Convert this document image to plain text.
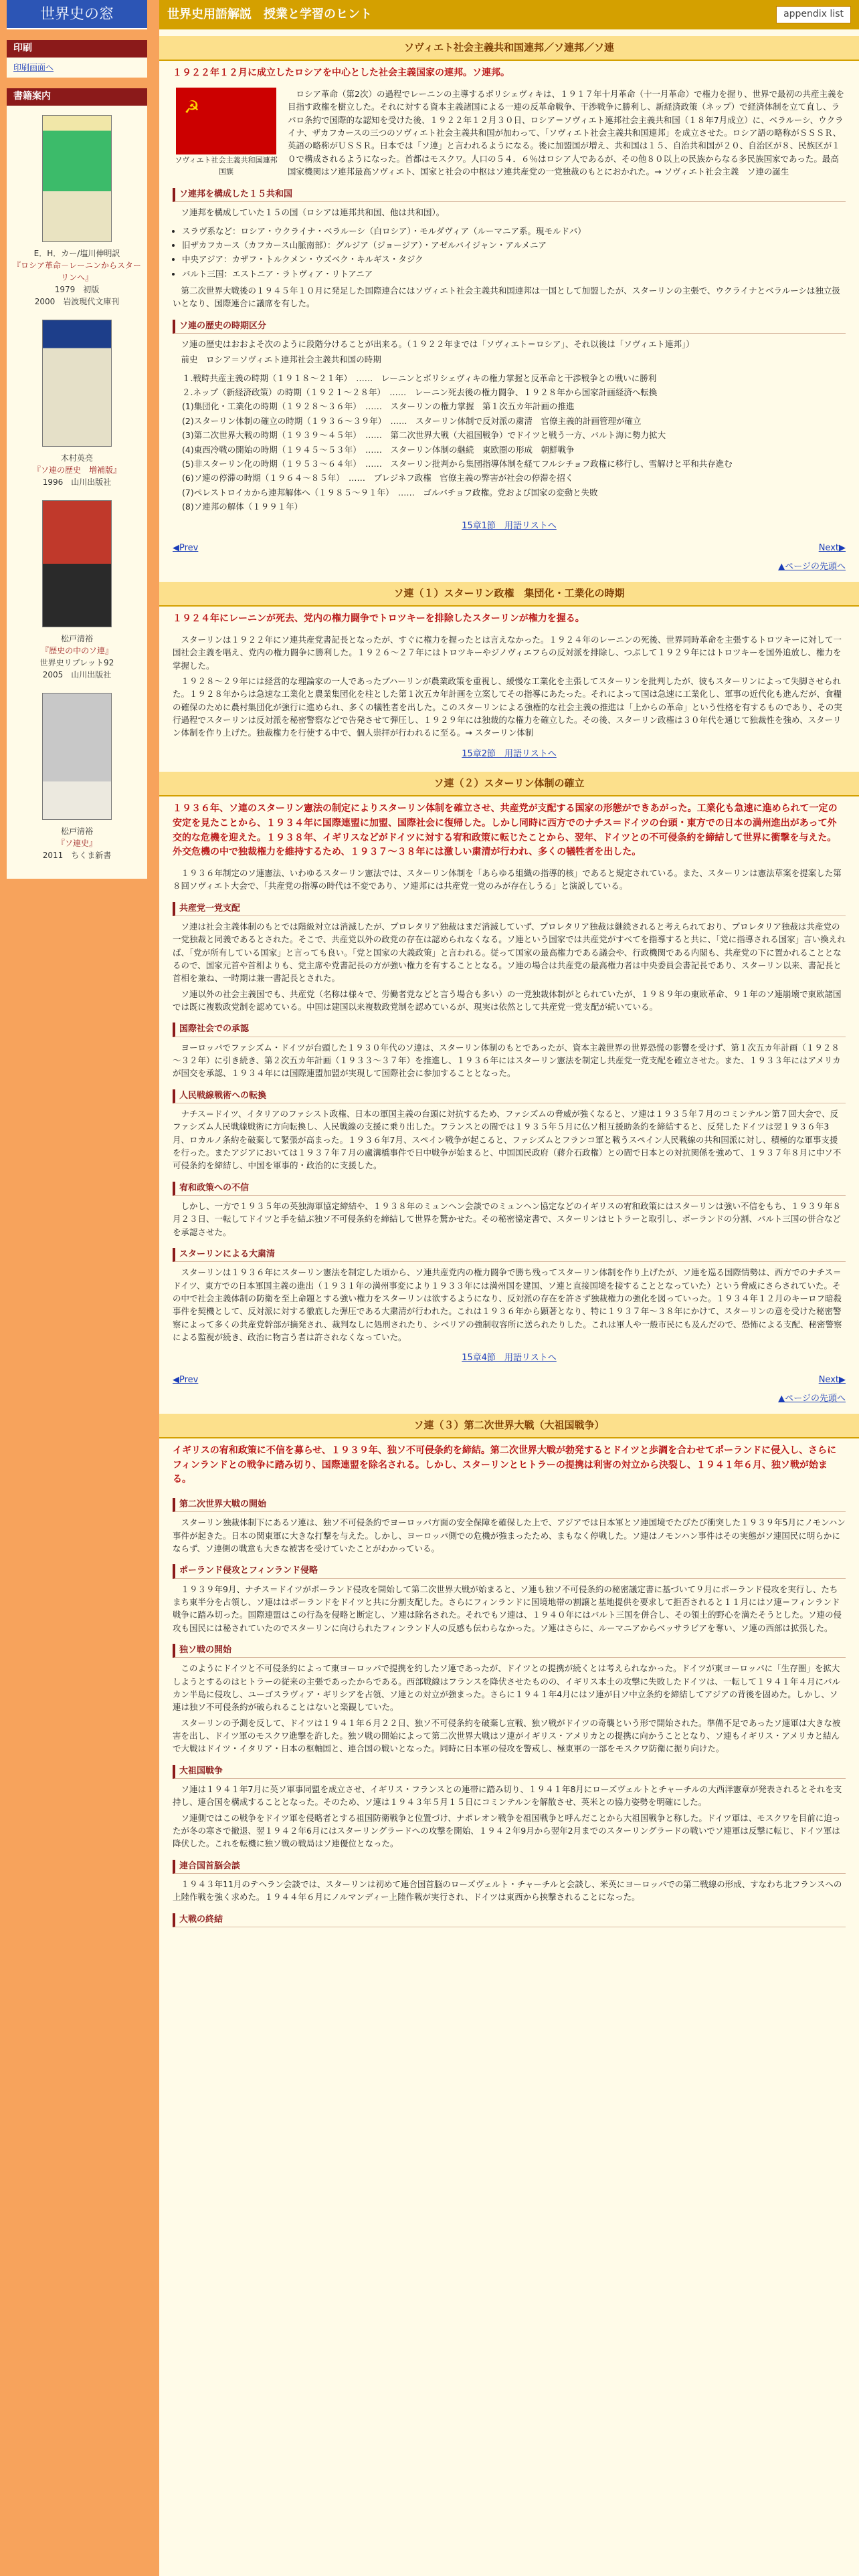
世界史の窓
印刷
印刷画面へ
書籍案内
E．H．カー/塩川伸明訳
『ロシア革命－レーニンからスターリンへ』
1979　初版
2000　岩波現代文庫刊
木村英亮
『ソ連の歴史　増補版』
1996　山川出版社
松戸清裕
『歴史の中のソ連』
世界史リブレット92
2005　山川出版社
松戸清裕
『ソ連史』
2011　ちくま新書
世界史用語解説　授業と学習のヒント	appendix list
ソヴィエト社会主義共和国連邦／ソ連邦／ソ連
１９２２年１２月に成立したロシアを中心とした社会主義国家の連邦。ソ連邦。
☭
ソヴィエト社会主義共和国連邦　国旗

ロシア革命（第2次）の過程でレーニンの主導するボリシェヴィキは、１９１７年十月革命（十一月革命）で権力を握り、世界で最初の共産主義を目指す政権を樹立した。それに対する資本主義諸国による一連の反革命戦争、干渉戦争に勝利し、新経済政策（ネップ）で経済体制を立て直し、ラパロ条約で国際的な認知を受けた後、１９２２年１２月３０日、ロシア＝ソヴィエト連邦社会主義共和国（１８年7月成立）に、ベラルーシ、ウクライナ、ザカフカースの三つのソヴィエト社会主義共和国が加わって、「ソヴィエト社会主義共和国連邦」を成立させた。ロシア語の略称がＳＳＳＲ、英語の略称がＵＳＳＲ。日本では「ソ連」と言われるようになる。後に加盟国が増え、共和国は１５、自治共和国が２０、自治区が８、民族区が１０で構成されるようになった。首都はモスクワ。人口の５４．６％はロシア人であるが、その他８０以上の民族からなる多民族国家であった。最高国家機関はソ連邦最高ソヴィエト、国家と社会の中枢はソ連共産党の一党独裁のもとにおかれた。→ ソヴィエト社会主義　ソ連の誕生

ソ連邦を構成した１５共和国

ソ連邦を構成していた１５の国（ロシアは連邦共和国、他は共和国）。

• スラヴ系など：ロシア・ウクライナ・ベラルーシ（白ロシア）・モルダヴィア（ルーマニア系。現モルドバ）
• 旧ザカフカース（カフカース山脈南部）：グルジア（ジョージア）・アゼルバイジャン・アルメニア
• 中央アジア：カザフ・トルクメン・ウズベク・キルギス・タジク
• バルト三国：エストニア・ラトヴィア・リトアニア

第二次世界大戦後の１９４５年１０月に発足した国際連合にはソヴィエト社会主義共和国連邦は一国として加盟したが、スターリンの主張で、ウクライナとベラルーシは独立扱いとなり、国際連合に議席を有した。

ソ連の歴史の時期区分

ソ連の歴史はおおよそ次のように段階分けることが出来る。（１９２２年までは「ソヴィエト＝ロシア」、それ以後は「ソヴィエト連邦」）

前史　ロシア＝ソヴィエト連邦社会主義共和国の時期

１.戦時共産主義の時期（１９１８～２１年）　……　レーニンとボリシェヴィキの権力掌握と反革命と干渉戦争との戦いに勝利
２.ネップ（新経済政策）の時期（１９２１～２８年）　……　レーニン死去後の権力闘争、１９２８年から国家計画経済へ転換
(1)集団化・工業化の時期（１９２８～３６年）　……　スターリンの権力掌握　第１次五カ年計画の推進
(2)スターリン体制の確立の時期（１９３６～３９年）　……　スターリン体制で反対派の粛清　官僚主義的計画管理が確立
(3)第二次世界大戦の時期（１９３９～４５年）　……　第二次世界大戦（大祖国戦争）でドイツと戦う一方、バルト海に勢力拡大
(4)東西冷戦の開始の時期（１９４５～５３年）　……　スターリン体制の継続　東欧圏の形成　朝鮮戦争
(5)非スターリン化の時期（１９５３～６４年）　……　スターリン批判から集団指導体制を経てフルシチョフ政権に移行し、雪解けと平和共存進む
(6)ソ連の停滞の時期（１９６４～８５年）　……　ブレジネフ政権　官僚主義の弊害が社会の停滞を招く
(7)ペレストロイカから連邦解体へ（１９８５～９１年）　……　ゴルバチョフ政権。党および国家の変動と失敗
(8)ソ連邦の解体（１９９１年）
15章1節　用語リストへ
◀Prev	Next▶
▲ページの先頭へ
ソ連（１）スターリン政権　集団化・工業化の時期
１９２４年にレーニンが死去、党内の権力闘争でトロツキーを排除したスターリンが権力を握る。

スターリンは１９２２年にソ連共産党書記長となったが、すぐに権力を握ったとは言えなかった。１９２４年のレーニンの死後、世界同時革命を主張するトロツキーに対して一国社会主義を唱え、党内の権力闘争に勝利した。１９２６～２７年にはトロツキーやジノヴィエフらの反対派を排除し、つぶして１９２９年にはトロツキーを国外追放し、権力を掌握した。

１９２８～２９年には経営的な理論家の一人であったブハーリンが農業政策を重視し、緩慢な工業化を主張してスターリンを批判したが、彼もスターリンによって失脚させられた。１９２８年からは急速な工業化と農業集団化を柱とした第１次五カ年計画を立案してその指導にあたった。それによって国は急速に工業化し、軍事の近代化も進んだが、食糧の確保のために農村集団化が強行に進められ、多くの犠牲者を出した。このスターリンによる強権的な社会主義の推進は「上からの革命」という性格を有するものであり、その実行過程でスターリンは反対派を秘密警察などで告発させて弾圧し、１９２９年には独裁的な権力を確立した。その後、スターリン政権は３０年代を通じて独裁性を強め、スターリン体制を作り上げた。独裁権力を行使する中で、個人崇拝が行われるに至る。→ スターリン体制

15章2節　用語リストへ
ソ連（２）スターリン体制の確立
１９３６年、ソ連のスターリン憲法の制定によりスターリン体制を確立させ、共産党が支配する国家の形態ができあがった。工業化も急速に進められて一定の安定を見たことから、１９３４年に国際連盟に加盟、国際社会に復帰した。しかし同時に西方でのナチス＝ドイツの台頭・東方での日本の満州進出があって外交的な危機を迎えた。１９３８年、イギリスなどがドイツに対する宥和政策に転じたことから、翌年、ドイツとの不可侵条約を締結して世界に衝撃を与えた。外交危機の中で独裁権力を維持するため、１９３７～３８年には激しい粛清が行われ、多くの犠牲者を出した。

１９３６年制定のソ連憲法、いわゆるスターリン憲法では、スターリン体制を「あらゆる組織の指導的核」であると規定されている。また、スターリンは憲法草案を提案した第８回ソヴィエト大会で、「共産党の指導の時代は不変であり、ソ連邦には共産党一党のみが存在しうる」と演説している。

共産党一党支配

ソ連は社会主義体制のもとでは階級対立は消滅したが、プロレタリア独裁はまだ消滅していず、プロレタリア独裁は継続されると考えられており、プロレタリア独裁は共産党の一党独裁と同義であるとされた。そこで、共産党以外の政党の存在は認められなくなる。ソ連という国家では共産党がすべてを指導すると共に、「党に指導される国家」言い換えれば、「党が所有している国家」と言っても良い。「党と国家の大義政策」と言われる。従って国家の最高権力である議会や、行政機関である内閣も、共産党の下に置かれることとなるので、国家元首や首相よりも、党主席や党書記長の方が強い権力を有することとなる。ソ連の場合は共産党の最高権力者は中央委員会書記長であり、スターリン以来、書記長と首相を兼ね、一時期は兼一書記長とされた。

ソ連以外の社会主義国でも、共産党（名称は様々で、労働者党などと言う場合も多い）の一党独裁体制がとられていたが、１９８９年の東欧革命、９１年のソ連崩壊で東欧諸国では既に複数政党制を認めている。中国は建国以来複数政党制を認めているが、現実は依然として共産党一党支配が続いている。

国際社会での承認

ヨーロッパでファシズム・ドイツが台頭した１９３０年代のソ連は、スターリン体制のもとであったが、資本主義世界の世界恐慌の影響を受けず、第１次五カ年計画（１９２８～３２年）に引き続き、第２次五カ年計画（１９３３～３７年）を推進し、１９３６年にはスターリン憲法を制定し共産党一党支配を確立させた。また、１９３３年にはアメリカが国交を承認、１９３４年には国際連盟加盟が実現して国際社会に参加することとなった。

人民戦線戦術への転換

ナチス＝ドイツ、イタリアのファシスト政権、日本の軍国主義の台頭に対抗するため、ファシズムの脅威が強くなると、ソ連は１９３５年７月のコミンテルン第７回大会で、反ファシズム人民戦線戦術に方向転換し、人民戦線の支援に乗り出した。フランスとの間では１９３５年５月に仏ソ相互援助条約を締結すると、反発したドイツは翌１９３６年3月、ロカルノ条約を破棄して緊張が高まった。１９３６年7月、スペイン戦争が起こると、ファシズムとフランコ軍と戦うスペイン人民戦線の共和国派に対し、積極的な軍事支援を行った。またアジアにおいては１９３７年７月の盧溝橋事件で日中戦争が始まると、中国国民政府（蔣介石政権）との間で日本との対抗関係を強めて、１９３７年８月に中ソ不可侵条約を締結し、中国を軍事的・政治的に支援した。

宥和政策への不信

しかし、一方で１９３５年の英独海軍協定締結や、１９３８年のミュンヘン会談でのミュンヘン協定などのイギリスの宥和政策にはスターリンは強い不信をもち、１９３９年８月２３日、一転してドイツと手を結ぶ独ソ不可侵条約を締結して世界を驚かせた。その秘密協定書で、スターリンはヒトラーと取引し、ポーランドの分割、バルト三国の併合などを承認させた。

スターリンによる大粛清

スターリンは１９３６年にスターリン憲法を制定した頃から、ソ連共産党内の権力闘争で勝ち残ってスターリン体制を作り上げたが、ソ連を巡る国際情勢は、西方でのナチス＝ドイツ、東方での日本軍国主義の進出（１９３１年の満州事変により１９３３年には満州国を建国、ソ連と直接国境を接することとなっていた）という脅威にさらされていた。その中で社会主義体制の防衛を至上命題とする強い権力をスターリンは欲するようになり、反対派の存在を許さず独裁権力の強化を図っていった。１９３４年１２月のキーロフ暗殺事件を契機として、反対派に対する徹底した弾圧である大粛清が行われた。これは１９３６年から顕著となり、特に１９３７年～３８年にかけて、スターリンの意を受けた秘密警察によって多くの共産党幹部が摘発され、裁判なしに処刑されたり、シベリアの強制収容所に送られたりした。これは軍人や一般市民にも及んだので、恐怖による支配、秘密警察による監視が続き、政治に物言う者は許されなくなっていた。

15章4節　用語リストへ
◀Prev	Next▶
▲ページの先頭へ
ソ連（３）第二次世界大戦（大祖国戦争）
イギリスの宥和政策に不信を募らせ、１９３９年、独ソ不可侵条約を締結。第二次世界大戦が勃発するとドイツと歩調を合わせてポーランドに侵入し、さらにフィンランドとの戦争に踏み切り、国際連盟を除名される。しかし、スターリンとヒトラーの提携は利害の対立から決裂し、１９４１年６月、独ソ戦が始まる。
第二次世界大戦の開始

スターリン独裁体制下にあるソ連は、独ソ不可侵条約でヨーロッパ方面の安全保障を確保した上で、アジアでは日本軍とソ連国境でたびたび衝突した１９３９年5月にノモンハン事件が起きた。日本の関東軍に大きな打撃を与えた。しかし、ヨーロッパ側での危機が強まったため、まもなく停戦した。ソ連はノモンハン事件はその実態がソ連国民に明らかにならず、ソ連側の戦意も大きな被害を受けていたことがわかっている。

ポーランド侵攻とフィンランド侵略

１９３９年9月、ナチス＝ドイツがポーランド侵攻を開始して第二次世界大戦が始まると、ソ連も独ソ不可侵条約の秘密議定書に基づいて９月にポーランド侵攻を実行し、たちまち東半分を占領し、ソ連ははポーランドをドイツと共に分割支配した。さらにフィンランドに国境地帯の割譲と基地提供を要求して拒否されると１１月にはソ連＝フィンランド戦争に踏み切った。国際連盟はこの行為を侵略と断定し、ソ連は除名された。それでもソ連は、１９４０年にはバルト三国を併合し、その領土的野心を満たそうとした。ソ連の侵攻も国民には秘されていたのでスターリンに向けられたフィンランド人の反感も伝わらなかった。ソ連はさらに、ルーマニアからベッサラビアを奪い、ソ連の西部は拡張した。

独ソ戦の開始

このようにドイツと不可侵条約によって東ヨーロッパで提携を約したソ連であったが、ドイツとの提携が続くとは考えられなかった。ドイツが東ヨーロッパに「生存圏」を拡大しようとするのはヒトラーの従来の主張であったからである。西部戦線はフランスを降伏させたものの、イギリス本土の攻撃に失敗したドイツは、一転して１９４１年４月にバルカン半島に侵攻し、ユーゴスラヴィア・ギリシアを占領、ソ連との対立が強まった。さらに１９４１年4月にはソ連が日ソ中立条約を締結してアジアの背後を固めた。しかし、ソ連は独ソ不可侵条約が破られることはないと楽観していた。

スターリンの予測を反して、ドイツは１９４１年６月２２日、独ソ不可侵条約を破棄し宣戦、独ソ戦がドイツの奇襲という形で開始された。準備不足であったソ連軍は大きな被害を出し、ドイツ軍のモスクワ進撃を許した。独ソ戦の開始によって第二次世界大戦はソ連がイギリス・アメリカとの提携に向かうこととなり、ソ連もイギリス・アメリカと結んで大戦はドイツ・イタリア・日本の枢軸国と、連合国の戦いとなった。同時に日本軍の侵攻を警戒し、極東軍の一部をモスクワ防衛に振り向けた。

大祖国戦争

ソ連は１９４１年7月に英ソ軍事同盟を成立させ、イギリス・フランスとの連帯に踏み切り、１９４１年8月にローズヴェルトとチャーチルの大西洋憲章が発表されるとそれを支持し、連合国を構成することとなった。そのため、ソ連は１９４３年５月１５日にコミンテルンを解散させ、英米との協力姿勢を明確にした。

ソ連側ではこの戦争をドイツ軍を侵略者とする祖国防衛戦争と位置づけ、ナポレオン戦争を祖国戦争と呼んだことから大祖国戦争と称した。ドイツ軍は、モスクワを目前に迫ったが冬の寒さで撤退、翌１９４２年6月にはスターリングラードへの攻撃を開始、１９４２年9月から翌年2月までのスターリングラードの戦いでソ連軍は反撃に転じ、ドイツ軍は降伏した。これを転機に独ソ戦の戦局はソ連優位となった。

連合国首脳会談

１９４３年11月のテヘラン会談では、スターリンは初めて連合国首脳のローズヴェルト・チャーチルと会談し、米英にヨーロッパでの第二戦線の形成、すなわち北フランスへの上陸作戦を強く求めた。１９４４年６月にノルマンディー上陸作戦が実行され、ドイツは東西から挟撃されることになった。

大戦の終結
